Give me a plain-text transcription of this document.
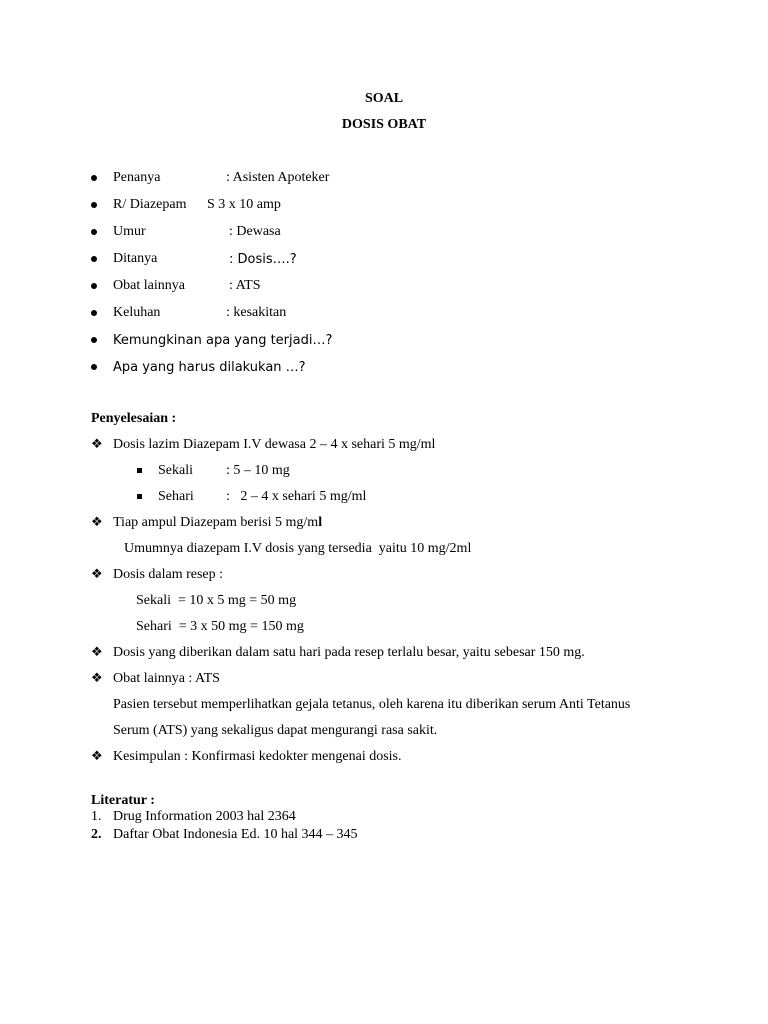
SOAL
DOSIS OBAT
Penanya	: Asisten Apoteker
R/ Diazepam S 3 x 10 amp
Umur	: Dewasa
Ditanya	: Dosis….?
Obat lainnya	: ATS
Keluhan	: kesakitan
Kemungkinan apa yang terjadi…?
Apa yang harus dilakukan …?
Penyelesaian :
❖ Dosis lazim Diazepam I.V dewasa 2 – 4 x sehari 5 mg/ml
Sekali : 5 – 10 mg
Sehari :   2 – 4 x sehari 5 mg/ml
❖ Tiap ampul Diazepam berisi 5 mg/ml
Umumnya diazepam I.V dosis yang tersedia  yaitu 10 mg/2ml
❖ Dosis dalam resep :
Sekali  = 10 x 5 mg = 50 mg
Sehari  = 3 x 50 mg = 150 mg
❖ Dosis yang diberikan dalam satu hari pada resep terlalu besar, yaitu sebesar 150 mg.
❖ Obat lainnya : ATS
Pasien tersebut memperlihatkan gejala tetanus, oleh karena itu diberikan serum Anti Tetanus
Serum (ATS) yang sekaligus dapat mengurangi rasa sakit.
❖ Kesimpulan : Konfirmasi kedokter mengenai dosis.
Literatur :
1. Drug Information 2003 hal 2364
2. Daftar Obat Indonesia Ed. 10 hal 344 – 345
